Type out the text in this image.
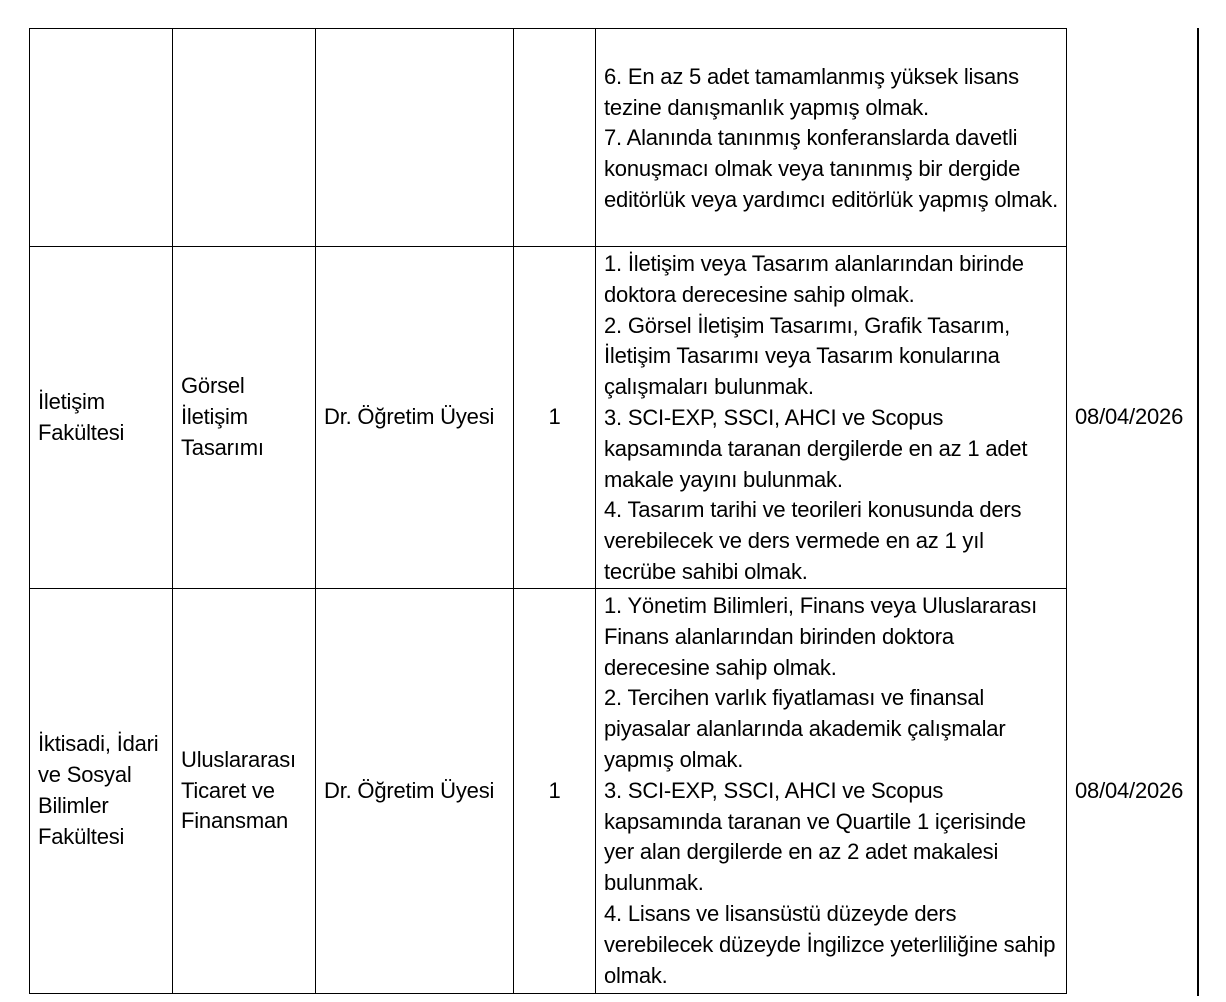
				6. En az 5 adet tamamlanmış yüksek lisans tezine danışmanlık yapmış olmak.
7. Alanında tanınmış konferanslarda davetli konuşmacı olmak veya tanınmış bir dergide editörlük veya yardımcı editörlük yapmış olmak.	

İletişim Fakültesi	Görsel İletişim Tasarımı	Dr. Öğretim Üyesi	1	1. İletişim veya Tasarım alanlarından birinde doktora derecesine sahip olmak.
2. Görsel İletişim Tasarımı, Grafik Tasarım, İletişim Tasarımı veya Tasarım konularına çalışmaları bulunmak.
3. SCI-EXP, SSCI, AHCI ve Scopus kapsamında taranan dergilerde en az 1 adet makale yayını bulunmak.
4. Tasarım tarihi ve teorileri konusunda ders verebilecek ve ders vermede en az 1 yıl tecrübe sahibi olmak.	08/04/2026
İktisadi, İdari ve Sosyal Bilimler Fakültesi	Uluslararası Ticaret ve Finansman	Dr. Öğretim Üyesi	1	1. Yönetim Bilimleri, Finans veya Uluslararası Finans alanlarından birinden doktora derecesine sahip olmak.
2. Tercihen varlık fiyatlaması ve finansal piyasalar alanlarında akademik çalışmalar yapmış olmak.
3. SCI-EXP, SSCI, AHCI ve Scopus kapsamında taranan ve Quartile 1 içerisinde yer alan dergilerde en az 2 adet makalesi bulunmak.
4. Lisans ve lisansüstü düzeyde ders verebilecek düzeyde İngilizce yeterliliğine sahip olmak.	08/04/2026
